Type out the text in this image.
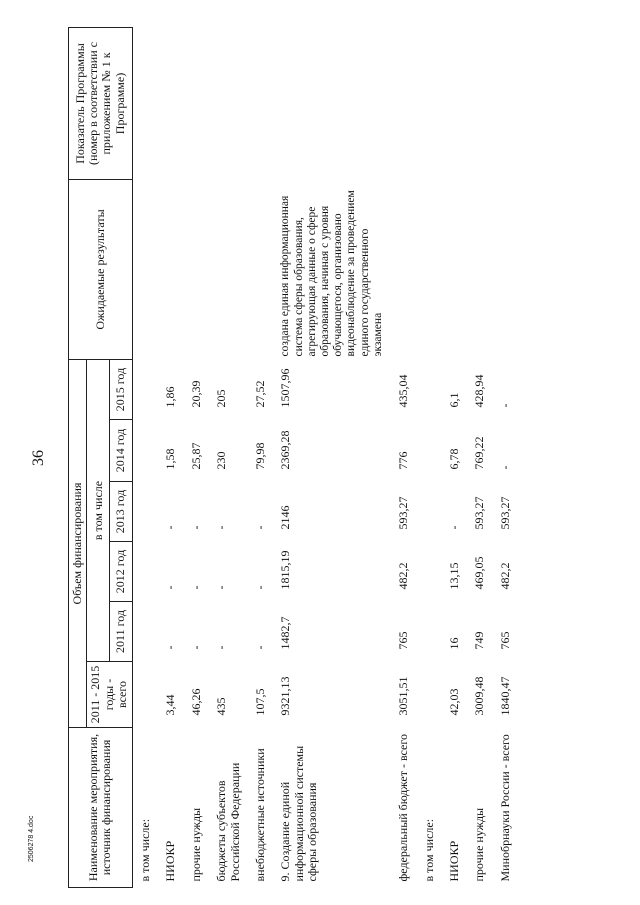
36
Наименование мероприятия, источник финансирования	Объем финансирования						Ожидаемые результаты	Показатель Программы (номер в соответствии с приложением № 1 к Программе)
	2011 - 2015 годы - всего	в том числе						
		2011 год	2012 год	2013 год	2014 год	2015 год		
в том числе:								
НИОКР	3,44	-	-	-	1,58	1,86		
прочие нужды	46,26	-	-	-	25,87	20,39		
бюджеты субъектов Российской Федерации	435	-	-	-	230	205		
внебюджетные источники	107,5	-	-	-	79,98	27,52		
9. Создание единой информационной системы сферы образования	9321,13	1482,7	1815,19	2146	2369,28	1507,96	создана единая информационная система сферы образования, агрегирующая данные о сфере образования, начиная с уровня обучающегося, организовано видеонаблюдение за проведением единого государственного экзамена	
федеральный бюджет - всего	3051,51	765	482,2	593,27	776	435,04		
в том числе:								
НИОКР	42,03	16	13,15	-	6,78	6,1		
прочие нужды	3009,48	749	469,05	593,27	769,22	428,94		
Минобрнауки России - всего	1840,47	765	482,2	593,27	-	-		
2506278 4.doc
